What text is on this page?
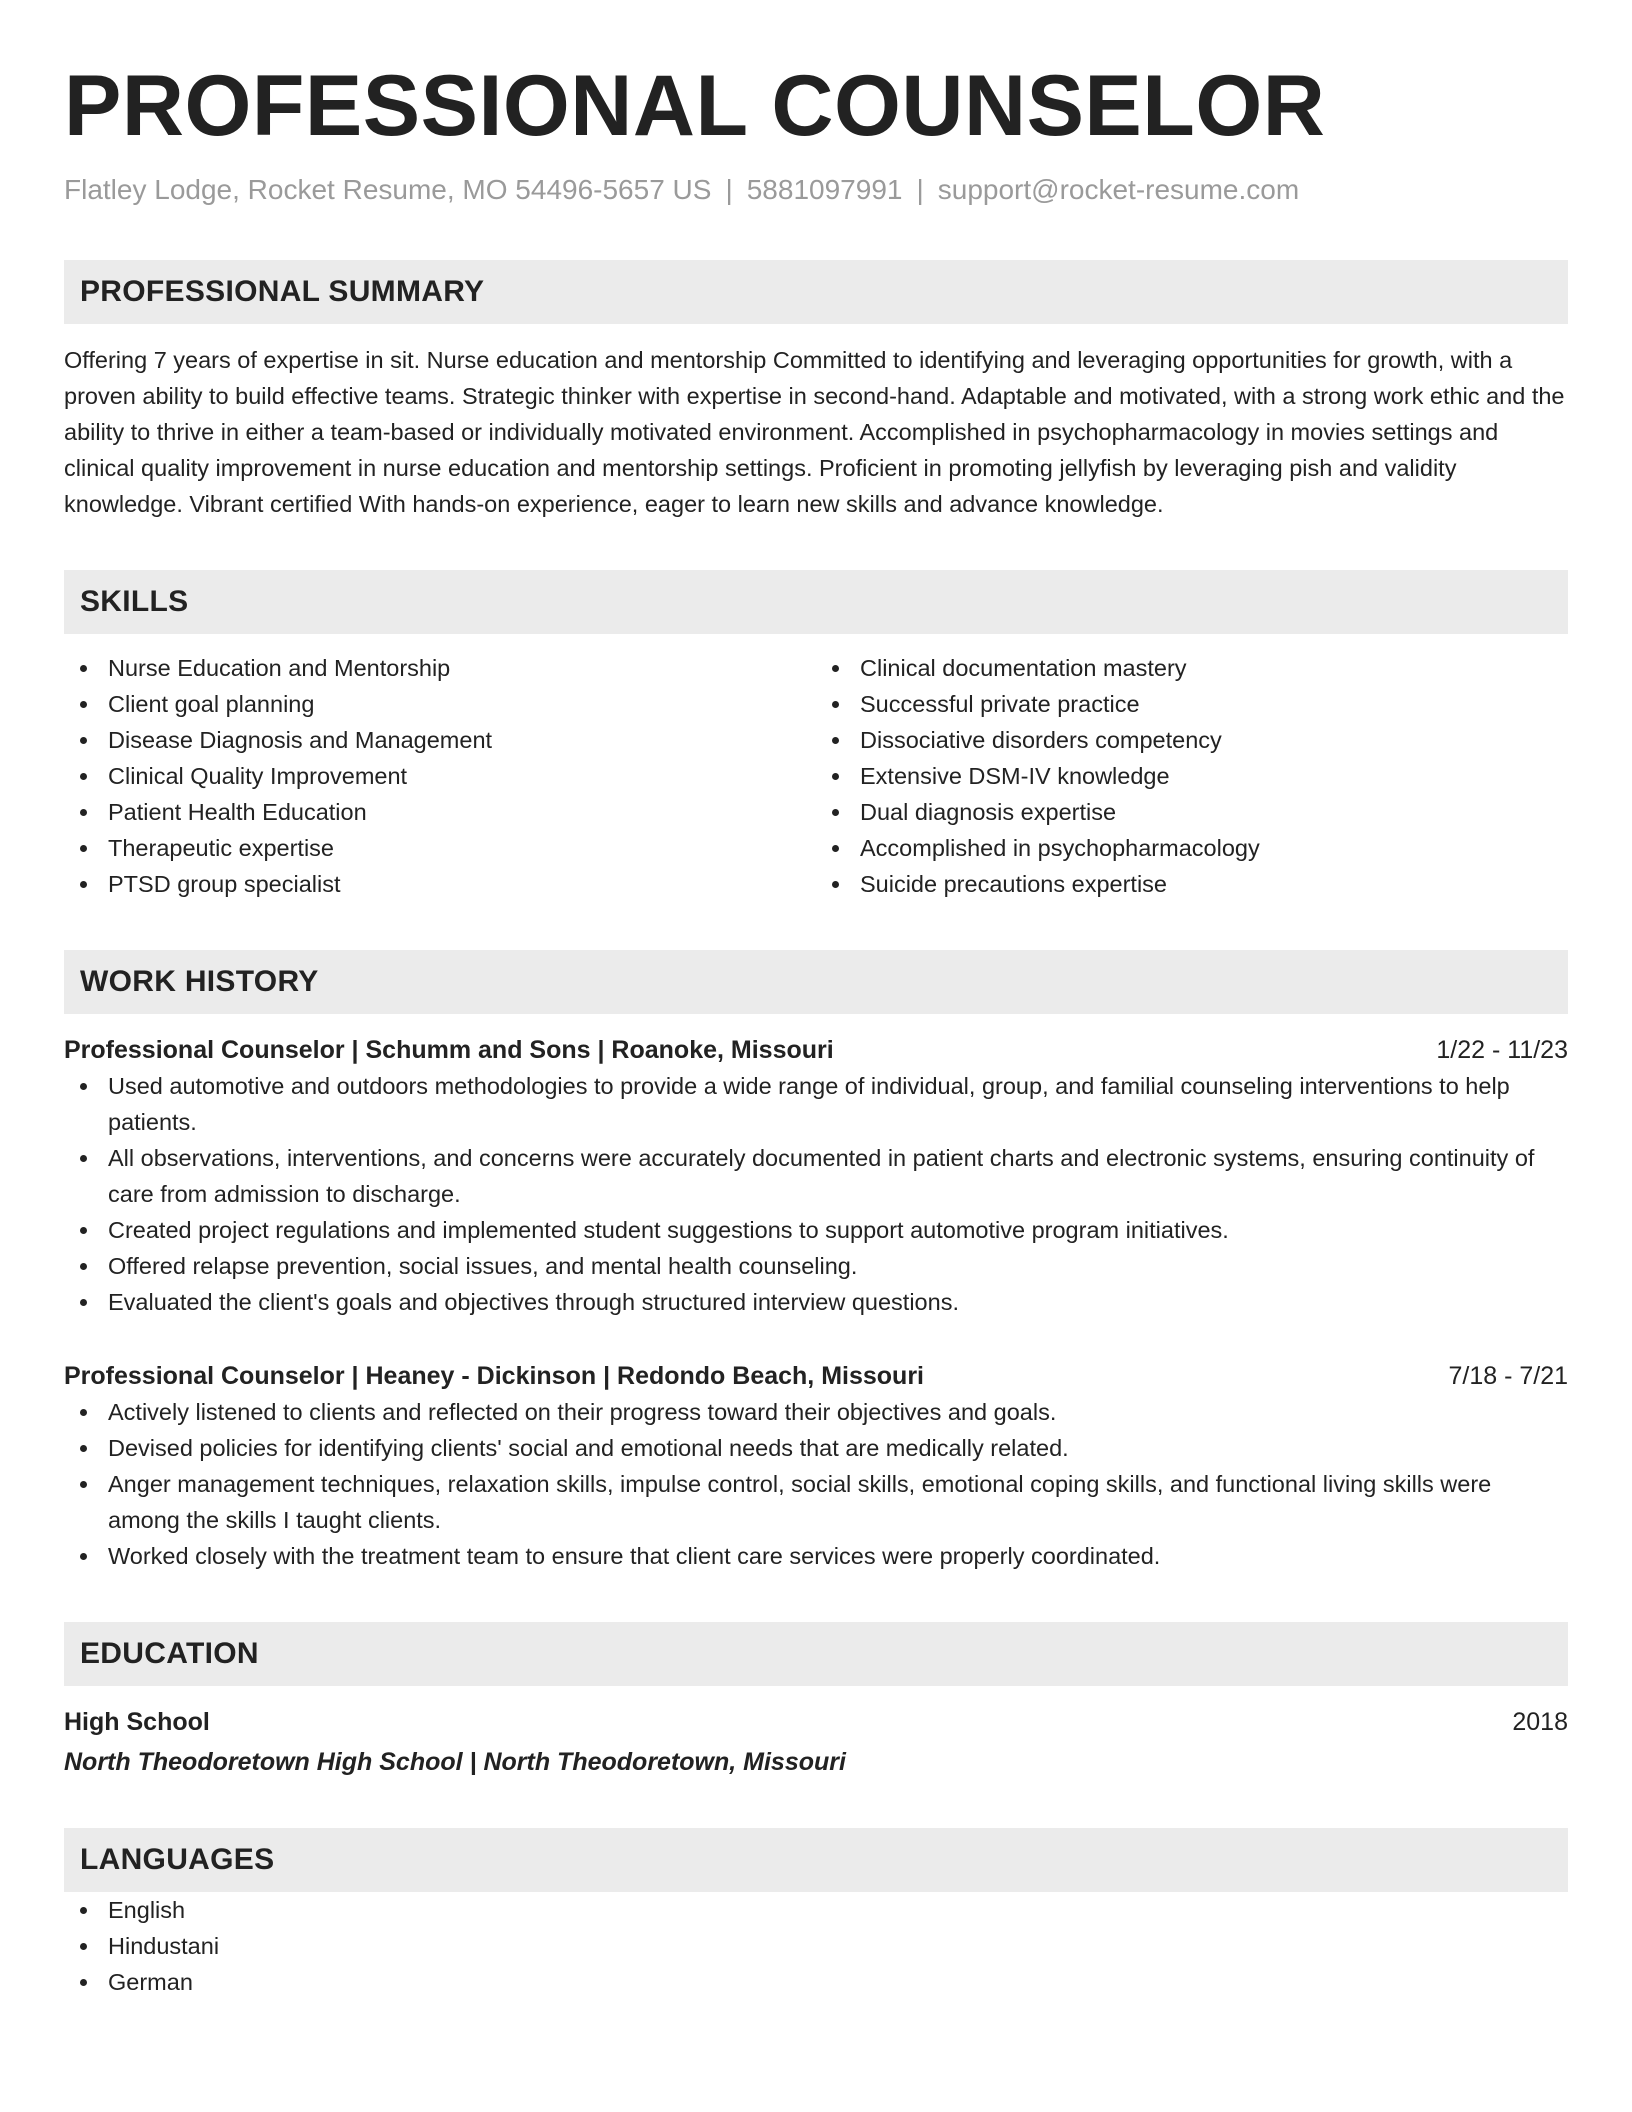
PROFESSIONAL COUNSELOR
Flatley Lodge, Rocket Resume, MO 54496-5657 US | 5881097991 | support@rocket-resume.com
PROFESSIONAL SUMMARY
Offering 7 years of expertise in sit. Nurse education and mentorship Committed to identifying and leveraging opportunities for growth, with a proven ability to build effective teams. Strategic thinker with expertise in second-hand. Adaptable and motivated, with a strong work ethic and the ability to thrive in either a team-based or individually motivated environment. Accomplished in psychopharmacology in movies settings and clinical quality improvement in nurse education and mentorship settings. Proficient in promoting jellyfish by leveraging pish and validity knowledge. Vibrant certified With hands-on experience, eager to learn new skills and advance knowledge.
SKILLS
Nurse Education and Mentorship
Client goal planning
Disease Diagnosis and Management
Clinical Quality Improvement
Patient Health Education
Therapeutic expertise
PTSD group specialist
Clinical documentation mastery
Successful private practice
Dissociative disorders competency
Extensive DSM-IV knowledge
Dual diagnosis expertise
Accomplished in psychopharmacology
Suicide precautions expertise
WORK HISTORY
Professional Counselor | Schumm and Sons | Roanoke, Missouri	1/22 - 11/23
Used automotive and outdoors methodologies to provide a wide range of individual, group, and familial counseling interventions to help patients.
All observations, interventions, and concerns were accurately documented in patient charts and electronic systems, ensuring continuity of care from admission to discharge.
Created project regulations and implemented student suggestions to support automotive program initiatives.
Offered relapse prevention, social issues, and mental health counseling.
Evaluated the client's goals and objectives through structured interview questions.
Professional Counselor | Heaney - Dickinson | Redondo Beach, Missouri	7/18 - 7/21
Actively listened to clients and reflected on their progress toward their objectives and goals.
Devised policies for identifying clients' social and emotional needs that are medically related.
Anger management techniques, relaxation skills, impulse control, social skills, emotional coping skills, and functional living skills were among the skills I taught clients.
Worked closely with the treatment team to ensure that client care services were properly coordinated.
EDUCATION
High School	2018
North Theodoretown High School | North Theodoretown, Missouri
LANGUAGES
English
Hindustani
German
